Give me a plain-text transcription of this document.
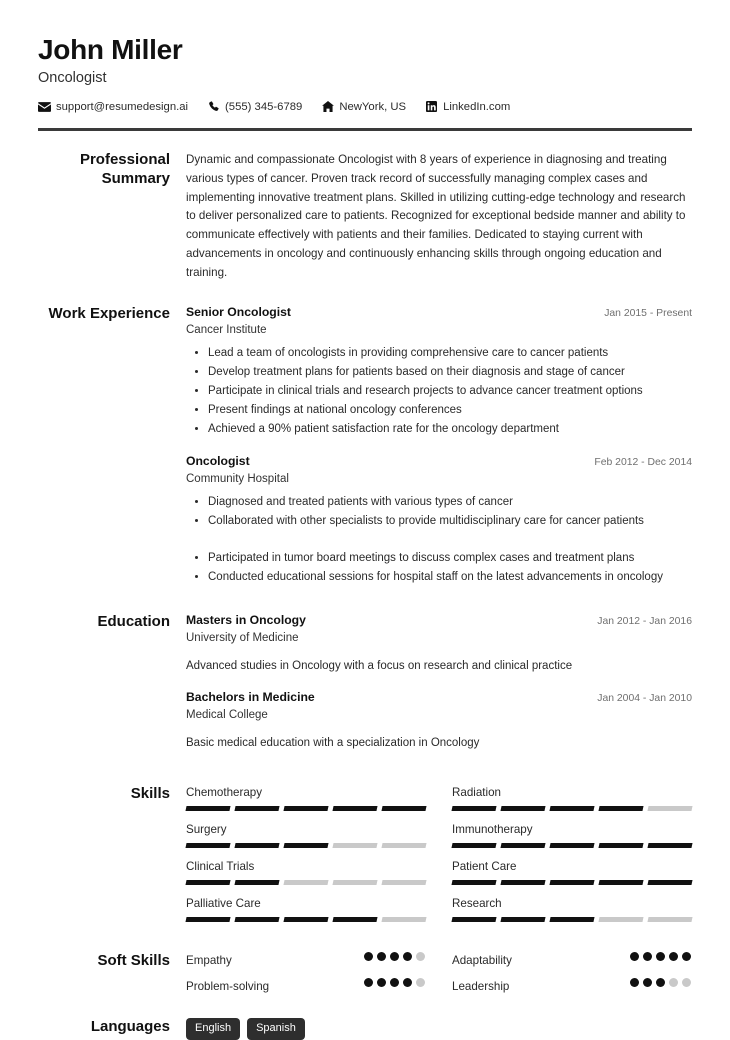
John Miller
Oncologist
support@resumedesign.ai	(555) 345-6789	NewYork, US	LinkedIn.com
Professional Summary
Dynamic and compassionate Oncologist with 8 years of experience in diagnosing and treating various types of cancer. Proven track record of successfully managing complex cases and implementing innovative treatment plans. Skilled in utilizing cutting-edge technology and research to deliver personalized care to patients. Recognized for exceptional bedside manner and ability to communicate effectively with patients and their families. Dedicated to staying current with advancements in oncology and continuously enhancing skills through ongoing education and training.
Work Experience	Senior Oncologist	Jan 2015 - Present
Cancer Institute
• Lead a team of oncologists in providing comprehensive care to cancer patients
• Develop treatment plans for patients based on their diagnosis and stage of cancer
• Participate in clinical trials and research projects to advance cancer treatment options
• Present findings at national oncology conferences
• Achieved a 90% patient satisfaction rate for the oncology department
Oncologist	Feb 2012 - Dec 2014
Community Hospital
• Diagnosed and treated patients with various types of cancer
• Collaborated with other specialists to provide multidisciplinary care for cancer patients
• Participated in tumor board meetings to discuss complex cases and treatment plans
• Conducted educational sessions for hospital staff on the latest advancements in oncology
Education	Masters in Oncology	Jan 2012 - Jan 2016
University of Medicine
Advanced studies in Oncology with a focus on research and clinical practice
Bachelors in Medicine	Jan 2004 - Jan 2010
Medical College
Basic medical education with a specialization in Oncology
Skills	Chemotherapy	Radiation
Surgery	Immunotherapy
Clinical Trials	Patient Care
Palliative Care	Research
Soft Skills	Empathy	Adaptability
Problem-solving	Leadership
Languages	English	Spanish
